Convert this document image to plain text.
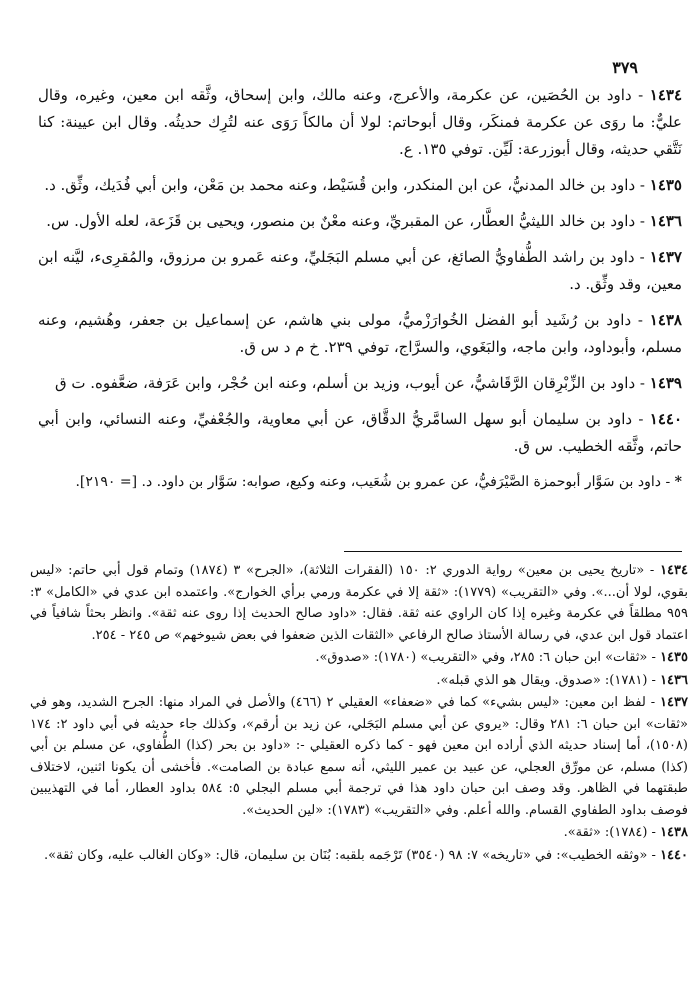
٣٧٩

١٤٣٤ - داود بن الحُصَين، عن عكرمة، والأعرج، وعنه مالك، وابن إسحاق، وثَّقه ابن معين، وغيره، وقال عليٌّ: ما روَى عن عكرمة فمنكَر، وقال أبوحاتم: لولا أن مالكاً رَوَى عنه لتُرِك حديثُه. وقال ابن عيينة: كنا نَتَّقي حديثه، وقال أبوزرعة: لَيِّن. توفي ١٣٥. ع.

١٤٣٥ - داود بن خالد المدنيُّ، عن ابن المنكدر، وابن قُسَيْط، وعنه محمد بن مَعْن، وابن أبي فُدَيك، وثِّق. د.

١٤٣٦ - داود بن خالد الليثيُّ العطَّار، عن المقبريِّ، وعنه معْنٌ بن منصور، ويحيى بن قَزَعة، لعله الأول. س.

١٤٣٧ - داود بن راشد الطُّفاويُّ الصائغ، عن أبي مسلم البَجَليِّ، وعنه عَمرو بن مرزوق، والمُقرِىء، ليَّنه ابن معين، وقد وثِّق. د.

١٤٣٨ - داود بن رُشَيد أبو الفضل الخُوارَزْميُّ، مولى بني هاشم، عن إسماعيل بن جعفر، وهُشيم، وعنه مسلم، وأبوداود، وابن ماجه، والبَغَوي، والسرَّاج، توفي ٢٣٩. خ م د س ق.

١٤٣٩ - داود بن الزِّبْرِقان الرَّقَاشيُّ، عن أيوب، وزيد بن أسلم، وعنه ابن حُجْر، وابن عَرَفة، ضعَّفوه. ت ق

١٤٤٠ - داود بن سليمان أبو سهل السامَّريُّ الدقَّاق، عن أبي معاوية، والجُعْفيِّ، وعنه النسائي، وابن أبي حاتم، وثَّقه الخطيب. س ق.

* - داود بن سَوَّار أبوحمزة الصَّيْرَفيُّ، عن عمرو بن شُعَيب، وعنه وكيع، صوابه: سَوَّار بن داود. د. [= ٢١٩٠].

١٤٣٤ - «تاريخ يحيى بن معين» رواية الدوري ٢: ١٥٠ (الفقرات الثلاثة)، «الجرح» ٣ (١٨٧٤) وتمام قول أبي حاتم: «ليس بقوي، لولا أن...». وفي «التقريب» (١٧٧٩): «ثقة إلا في عكرمة ورمي برأي الخوارج». واعتمده ابن عدي في «الكامل» ٣: ٩٥٩ مطلقاً في عكرمة وغيره إذا كان الراوي عنه ثقة. فقال: «داود صالح الحديث إذا روى عنه ثقة». وانظر بحثاً شافياً في اعتماد قول ابن عدي، في رسالة الأستاذ صالح الرفاعي «الثقات الذين ضعفوا في بعض شيوخهم» ص ٢٤٥ - ٢٥٤.

١٤٣٥ - «ثقات» ابن حبان ٦: ٢٨٥، وفي «التقريب» (١٧٨٠): «صدوق».

١٤٣٦ - (١٧٨١): «صدوق. ويقال هو الذي قبله».

١٤٣٧ - لفظ ابن معين: «ليس بشيء» كما في «ضعفاء» العقيلي ٢ (٤٦٦) والأصل في المراد منها: الجرح الشديد، وهو في «ثقات» ابن حبان ٦: ٢٨١ وقال: «يروي عن أبي مسلم البَجَلي، عن زيد بن أرقم»، وكذلك جاء حديثه في أبي داود ٢: ١٧٤ (١٥٠٨)، أما إسناد حديثه الذي أراده ابن معين فهو - كما ذكره العقيلي -: «داود بن بحر (كذا) الطُّفاوي، عن مسلم بن أبي (كذا) مسلم، عن مورِّق العجلي، عن عبيد بن عمير الليثي، أنه سمع عبادة بن الصامت». فأخشى أن يكونا اثنين، لاختلاف طبقتهما في الظاهر. وقد وصف ابن حبان داود هذا في ترجمة أبي مسلم البجلي ٥: ٥٨٤ بداود العطار، أما في التهذيبين فوصف بداود الطفاوي القسام. والله أعلم. وفي «التقريب» (١٧٨٣): «لين الحديث».

١٤٣٨ - (١٧٨٤): «ثقة».

١٤٤٠ - «وثقه الخطيب»: في «تاريخه» ٧: ٩٨ (٣٥٤٠) تَرْجَمه بلقبه: بُنَان بن سليمان، قال: «وكان الغالب عليه، وكان ثقة».
